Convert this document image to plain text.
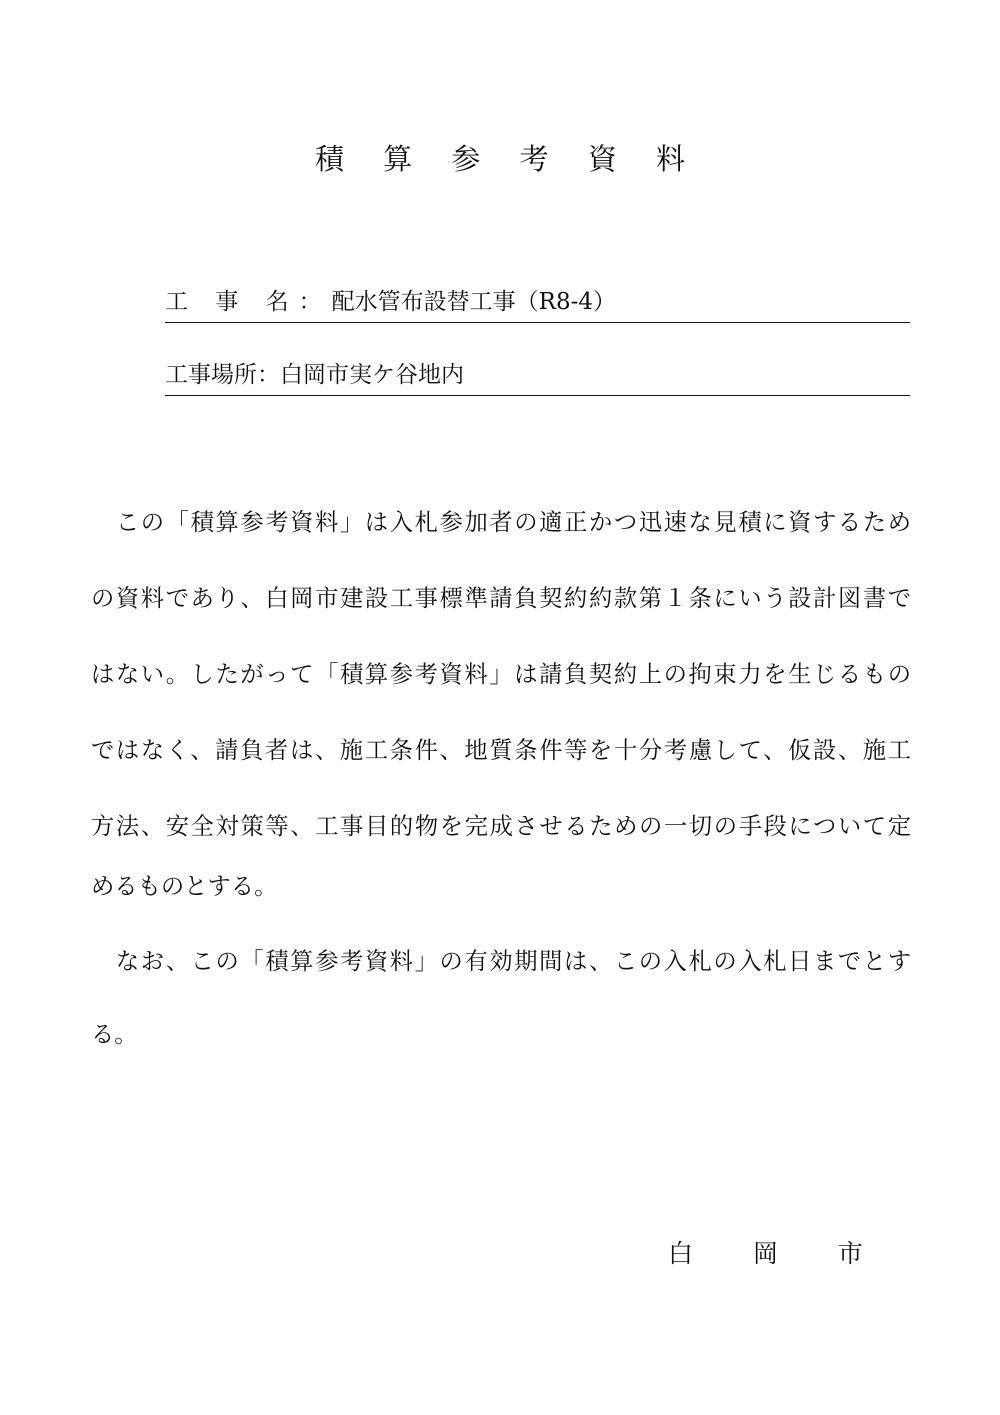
積 算 参 考 資 料
工 事 名：配水管布設替工事（R8-4）
工事場所：白岡市実ケ谷地内
　この「積算参考資料」は入札参加者の適正かつ迅速な見積に資するため
の資料であり、白岡市建設工事標準請負契約約款第１条にいう設計図書で
はない。したがって「積算参考資料」は請負契約上の拘束力を生じるもの
ではなく、請負者は、施工条件、地質条件等を十分考慮して、仮設、施工
方法、安全対策等、工事目的物を完成させるための一切の手段について定
めるものとする。
　なお、この「積算参考資料」の有効期間は、この入札の入札日までとす
る。
白 岡 市
